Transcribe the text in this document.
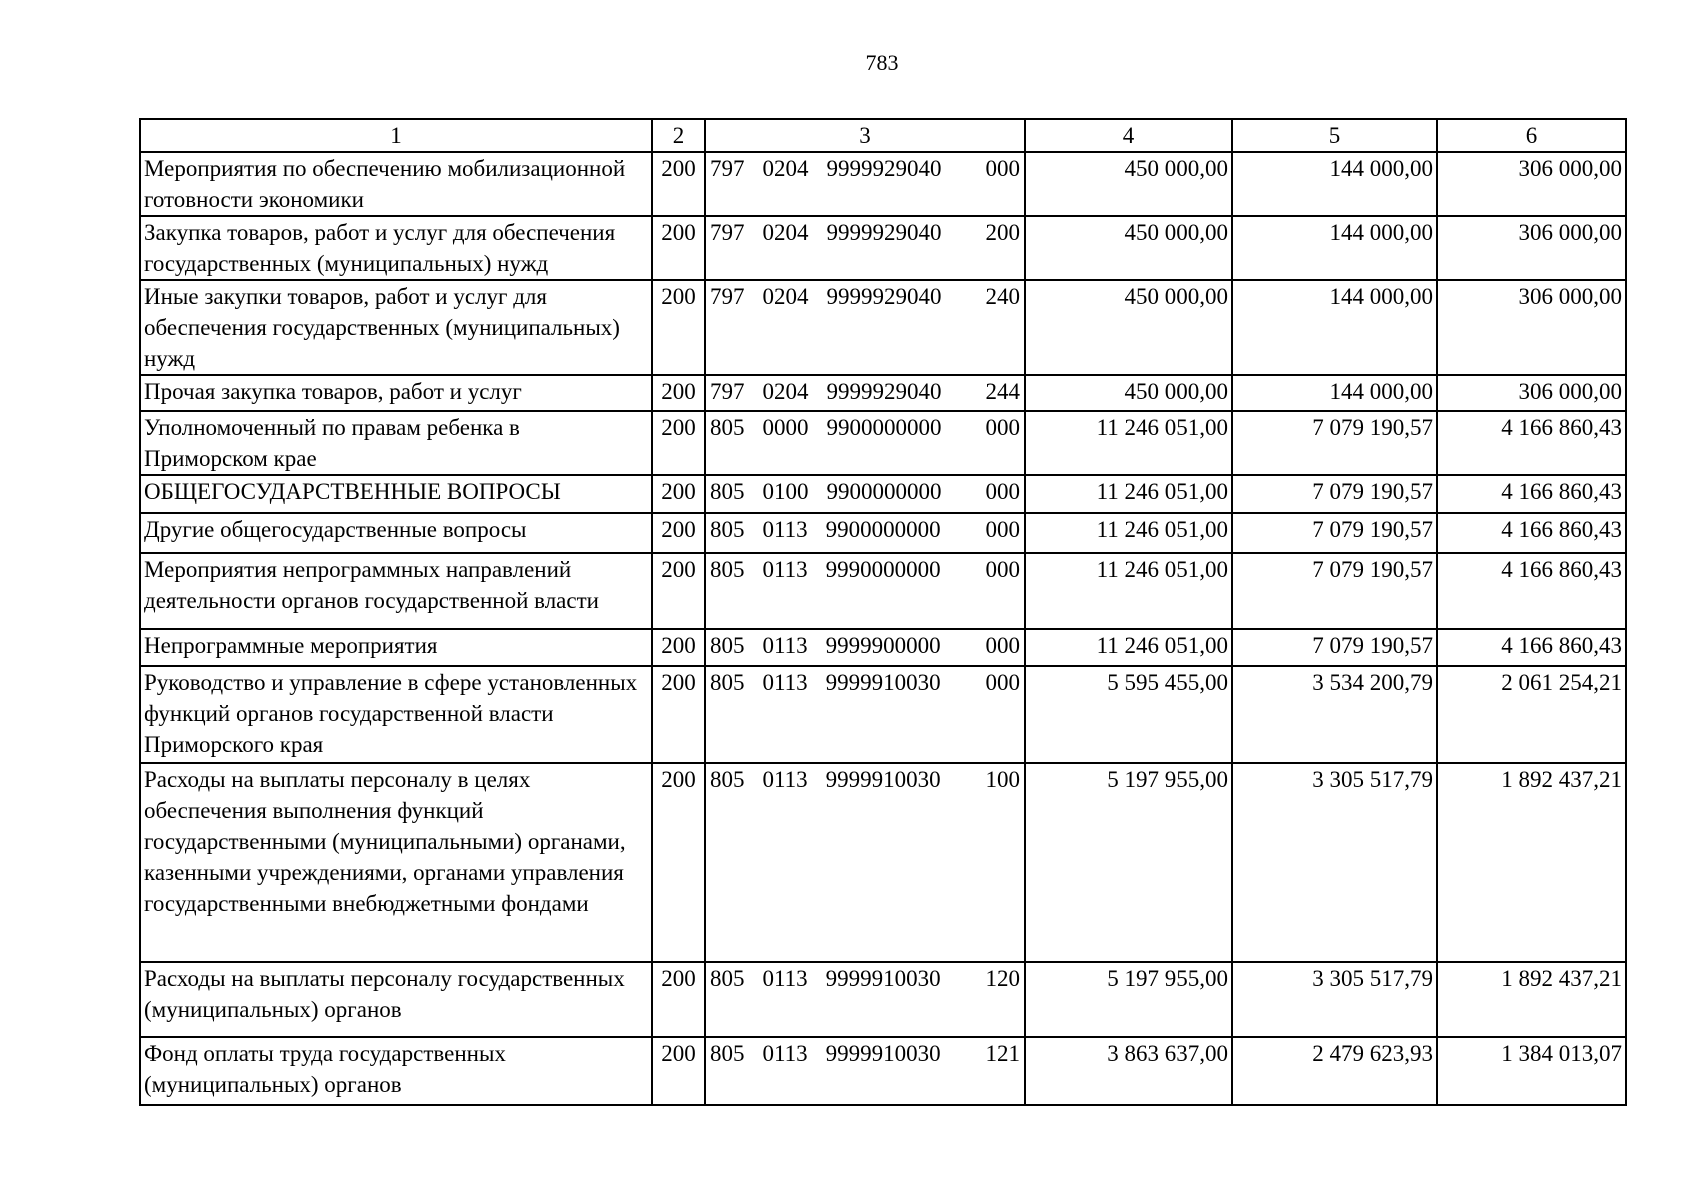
783
1	2	3	4	5	6
Мероприятия по обеспечению мобилизационной готовности экономики	200	797 0204 9999929040 000	450 000,00	144 000,00	306 000,00
Закупка товаров, работ и услуг для обеспечения государственных (муниципальных) нужд	200	797 0204 9999929040 200	450 000,00	144 000,00	306 000,00
Иные закупки товаров, работ и услуг для обеспечения государственных (муниципальных) нужд	200	797 0204 9999929040 240	450 000,00	144 000,00	306 000,00
Прочая закупка товаров, работ и услуг	200	797 0204 9999929040 244	450 000,00	144 000,00	306 000,00
Уполномоченный по правам ребенка в Приморском крае	200	805 0000 9900000000 000	11 246 051,00	7 079 190,57	4 166 860,43
ОБЩЕГОСУДАРСТВЕННЫЕ ВОПРОСЫ	200	805 0100 9900000000 000	11 246 051,00	7 079 190,57	4 166 860,43
Другие общегосударственные вопросы	200	805 0113 9900000000 000	11 246 051,00	7 079 190,57	4 166 860,43
Мероприятия непрограммных направлений деятельности органов государственной власти	200	805 0113 9990000000 000	11 246 051,00	7 079 190,57	4 166 860,43
Непрограммные мероприятия	200	805 0113 9999900000 000	11 246 051,00	7 079 190,57	4 166 860,43
Руководство и управление в сфере установленных функций органов государственной власти Приморского края	200	805 0113 9999910030 000	5 595 455,00	3 534 200,79	2 061 254,21
Расходы на выплаты персоналу в целях обеспечения выполнения функций государственными (муниципальными) органами, казенными учреждениями, органами управления государственными внебюджетными фондами	200	805 0113 9999910030 100	5 197 955,00	3 305 517,79	1 892 437,21
Расходы на выплаты персоналу государственных (муниципальных) органов	200	805 0113 9999910030 120	5 197 955,00	3 305 517,79	1 892 437,21
Фонд оплаты труда государственных (муниципальных) органов	200	805 0113 9999910030 121	3 863 637,00	2 479 623,93	1 384 013,07
